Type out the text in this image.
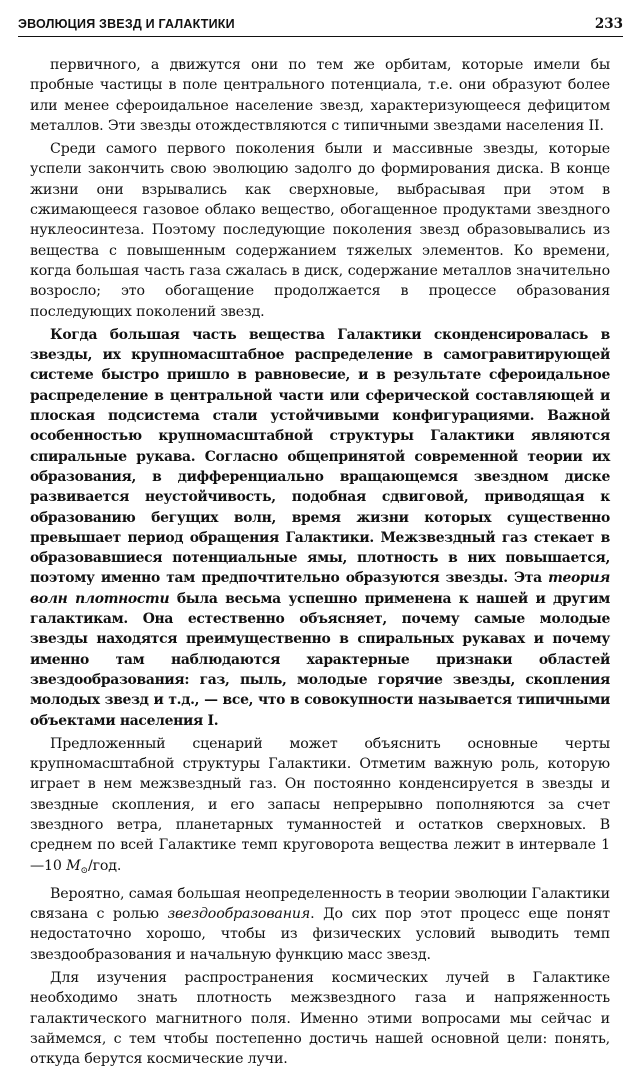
ЭВОЛЮЦИЯ ЗВЕЗД И ГАЛАКТИКИ	233

первичного, а движутся они по тем же орбитам, которые имели бы пробные частицы в поле центрального потенциала, т.е. они образуют более или менее сфероидальное население звезд, характеризующееся дефицитом металлов. Эти звезды отождествляются с типичными звездами населения II.

Среди самого первого поколения были и массивные звезды, которые успели закончить свою эволюцию задолго до формирования диска. В конце жизни они взрывались как сверхновые, выбрасывая при этом в сжимающееся газовое облако вещество, обогащенное продуктами звездного нуклеосинтеза. Поэтому последующие поколения звезд образовывались из вещества с повышенным содержанием тяжелых элементов. Ко времени, когда большая часть газа сжалась в диск, содержание металлов значительно возросло; это обогащение продолжается в процессе образования последующих поколений звезд.

Когда большая часть вещества Галактики сконденсировалась в звезды, их крупномасштабное распределение в самогравитирующей системе быстро пришло в равновесие, и в результате сфероидальное распределение в центральной части или сферической составляющей и плоская подсистема стали устойчивыми конфигурациями. Важной особенностью крупномасштабной структуры Галактики являются спиральные рукава. Согласно общепринятой современной теории их образования, в дифференциально вращающемся звездном диске развивается неустойчивость, подобная сдвиговой, приводящая к образованию бегущих волн, время жизни которых существенно превышает период обращения Галактики. Межзвездный газ стекает в образовавшиеся потенциальные ямы, плотность в них повышается, поэтому именно там предпочтительно образуются звезды. Эта теория волн плотности была весьма успешно применена к нашей и другим галактикам. Она естественно объясняет, почему самые молодые звезды находятся преимущественно в спиральных рукавах и почему именно там наблюдаются характерные признаки областей звездообразования: газ, пыль, молодые горячие звезды, скопления молодых звезд и т.д., — все, что в совокупности называется типичными объектами населения I.

Предложенный сценарий может объяснить основные черты крупномасштабной структуры Галактики. Отметим важную роль, которую играет в нем межзвездный газ. Он постоянно конденсируется в звезды и звездные скопления, и его запасы непрерывно пополняются за счет звездного ветра, планетарных туманностей и остатков сверхновых. В среднем по всей Галактике темп круговорота вещества лежит в интервале 1—10 $M_⊙$/год.

Вероятно, самая большая неопределенность в теории эволюции Галактики связана с ролью звездообразования. До сих пор этот процесс еще понят недостаточно хорошо, чтобы из физических условий выводить темп звездообразования и начальную функцию масс звезд.

Для изучения распространения космических лучей в Галактике необходимо знать плотность межзвездного газа и напряженность галактического магнитного поля. Именно этими вопросами мы сейчас и займемся, с тем чтобы постепенно достичь нашей основной цели: понять, откуда берутся космические лучи.
